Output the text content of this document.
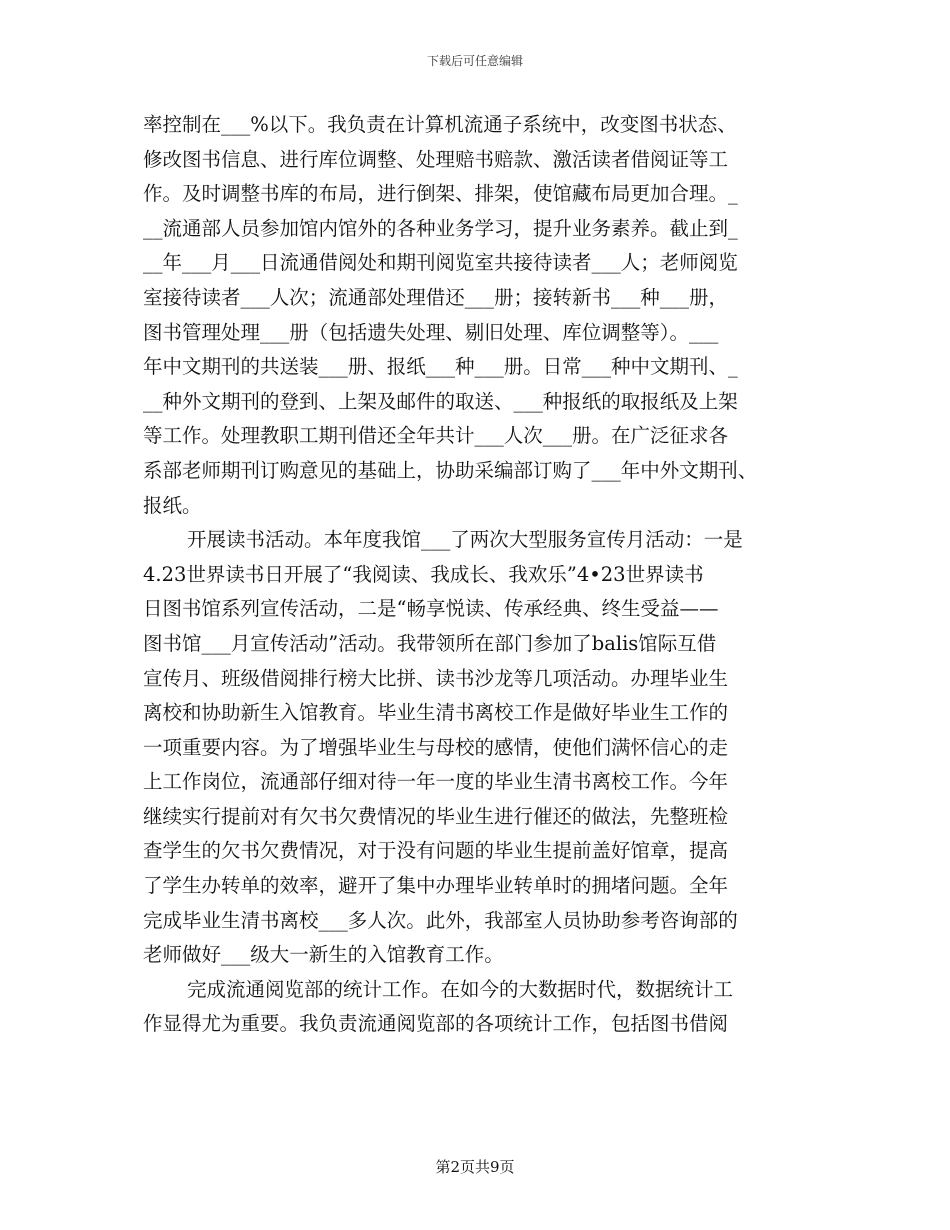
下载后可任意编辑
率控制在___%以下。我负责在计算机流通子系统中，改变图书状态、
修改图书信息、进行库位调整、处理赔书赔款、激活读者借阅证等工
作。及时调整书库的布局，进行倒架、排架，使馆藏布局更加合理。_
__流通部人员参加馆内馆外的各种业务学习，提升业务素养。截止到_
__年___月___日流通借阅处和期刊阅览室共接待读者___人；老师阅览
室接待读者___人次；流通部处理借还___册；接转新书___种___册，
图书管理处理___册（包括遗失处理、剔旧处理、库位调整等）。___
年中文期刊的共送装___册、报纸___种___册。日常___种中文期刊、_
__种外文期刊的登到、上架及邮件的取送、___种报纸的取报纸及上架
等工作。处理教职工期刊借还全年共计___人次___册。在广泛征求各
系部老师期刊订购意见的基础上，协助采编部订购了___年中外文期刊、
报纸。
开展读书活动。本年度我馆___了两次大型服务宣传月活动：一是
4.23世界读书日开展了“我阅读、我成长、我欢乐”4•23世界读书
日图书馆系列宣传活动，二是“畅享悦读、传承经典、终生受益——
图书馆___月宣传活动”活动。我带领所在部门参加了balis馆际互借
宣传月、班级借阅排行榜大比拼、读书沙龙等几项活动。办理毕业生
离校和协助新生入馆教育。毕业生清书离校工作是做好毕业生工作的
一项重要内容。为了增强毕业生与母校的感情，使他们满怀信心的走
上工作岗位，流通部仔细对待一年一度的毕业生清书离校工作。今年
继续实行提前对有欠书欠费情况的毕业生进行催还的做法，先整班检
查学生的欠书欠费情况，对于没有问题的毕业生提前盖好馆章，提高
了学生办转单的效率，避开了集中办理毕业转单时的拥堵问题。全年
完成毕业生清书离校___多人次。此外，我部室人员协助参考咨询部的
老师做好___级大一新生的入馆教育工作。
完成流通阅览部的统计工作。在如今的大数据时代，数据统计工
作显得尤为重要。我负责流通阅览部的各项统计工作，包括图书借阅
第2页共9页
